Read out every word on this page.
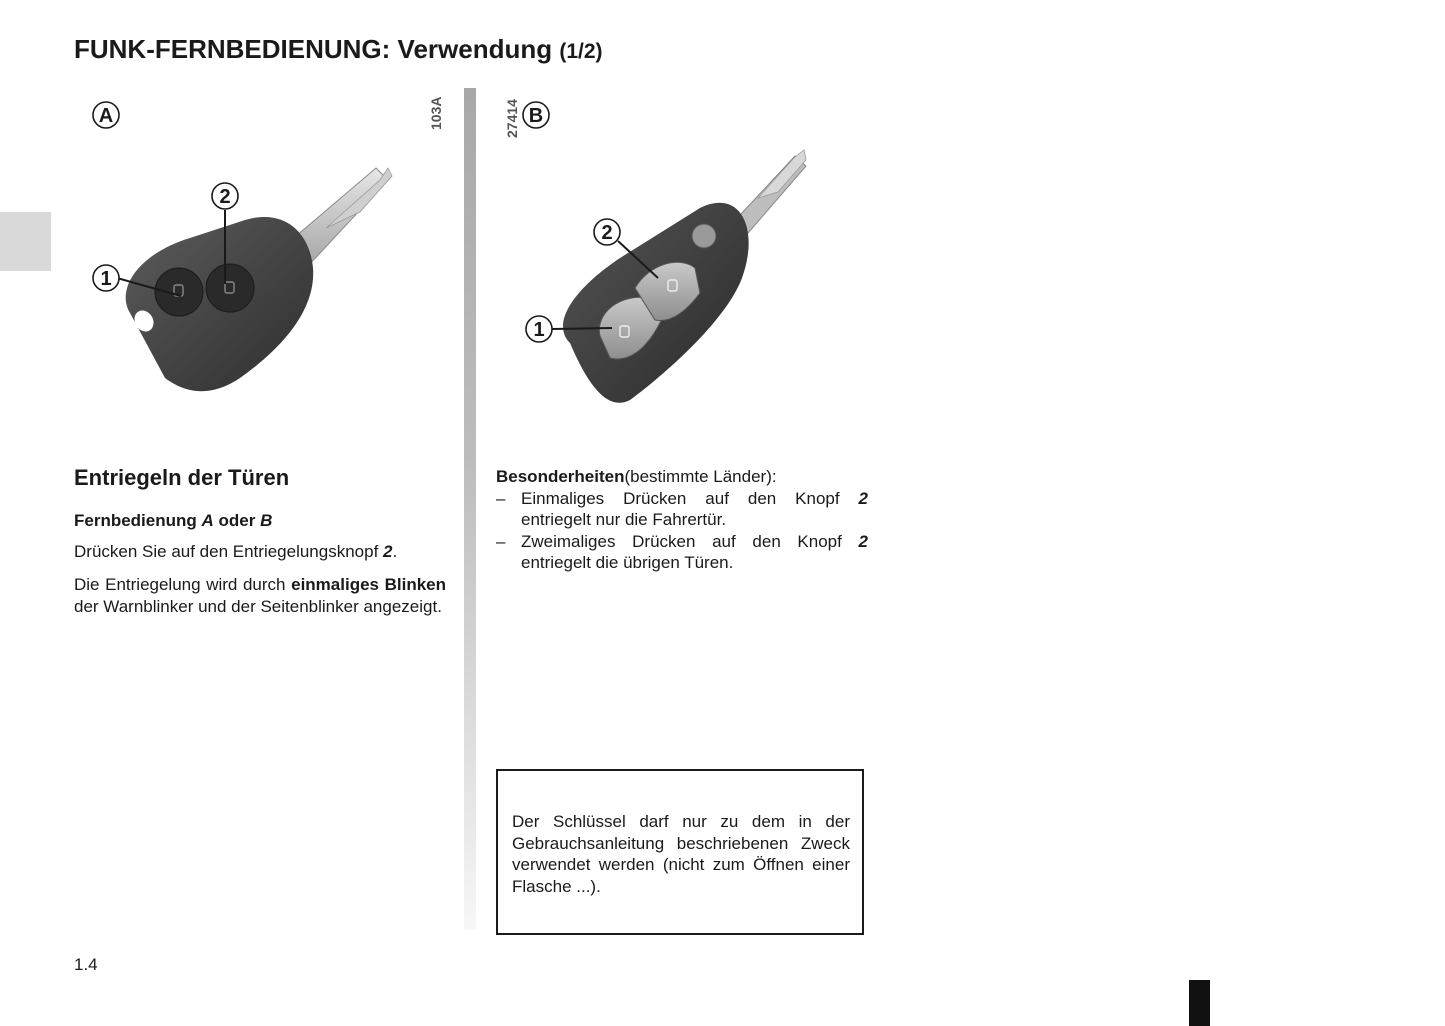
FUNK-FERNBEDIENUNG: Verwendung (1/2)
A
1
2
103A	B
1
2
27414
Entriegeln der Türen
Fernbedienung A oder B
Drücken Sie auf den Entriegelungsknopf 2.
Die Entriegelung wird durch einmaliges Blinken der Warnblinker und der Seitenblinker angezeigt.
Besonderheiten(bestimmte Länder):
– Einmaliges Drücken auf den Knopf 2 entriegelt nur die Fahrertür.
– Zweimaliges Drücken auf den Knopf 2 entriegelt die übrigen Türen.
Der Schlüssel darf nur zu dem in der Gebrauchsanleitung beschriebenen Zweck verwendet werden (nicht zum Öffnen einer Flasche ...).
1.4
